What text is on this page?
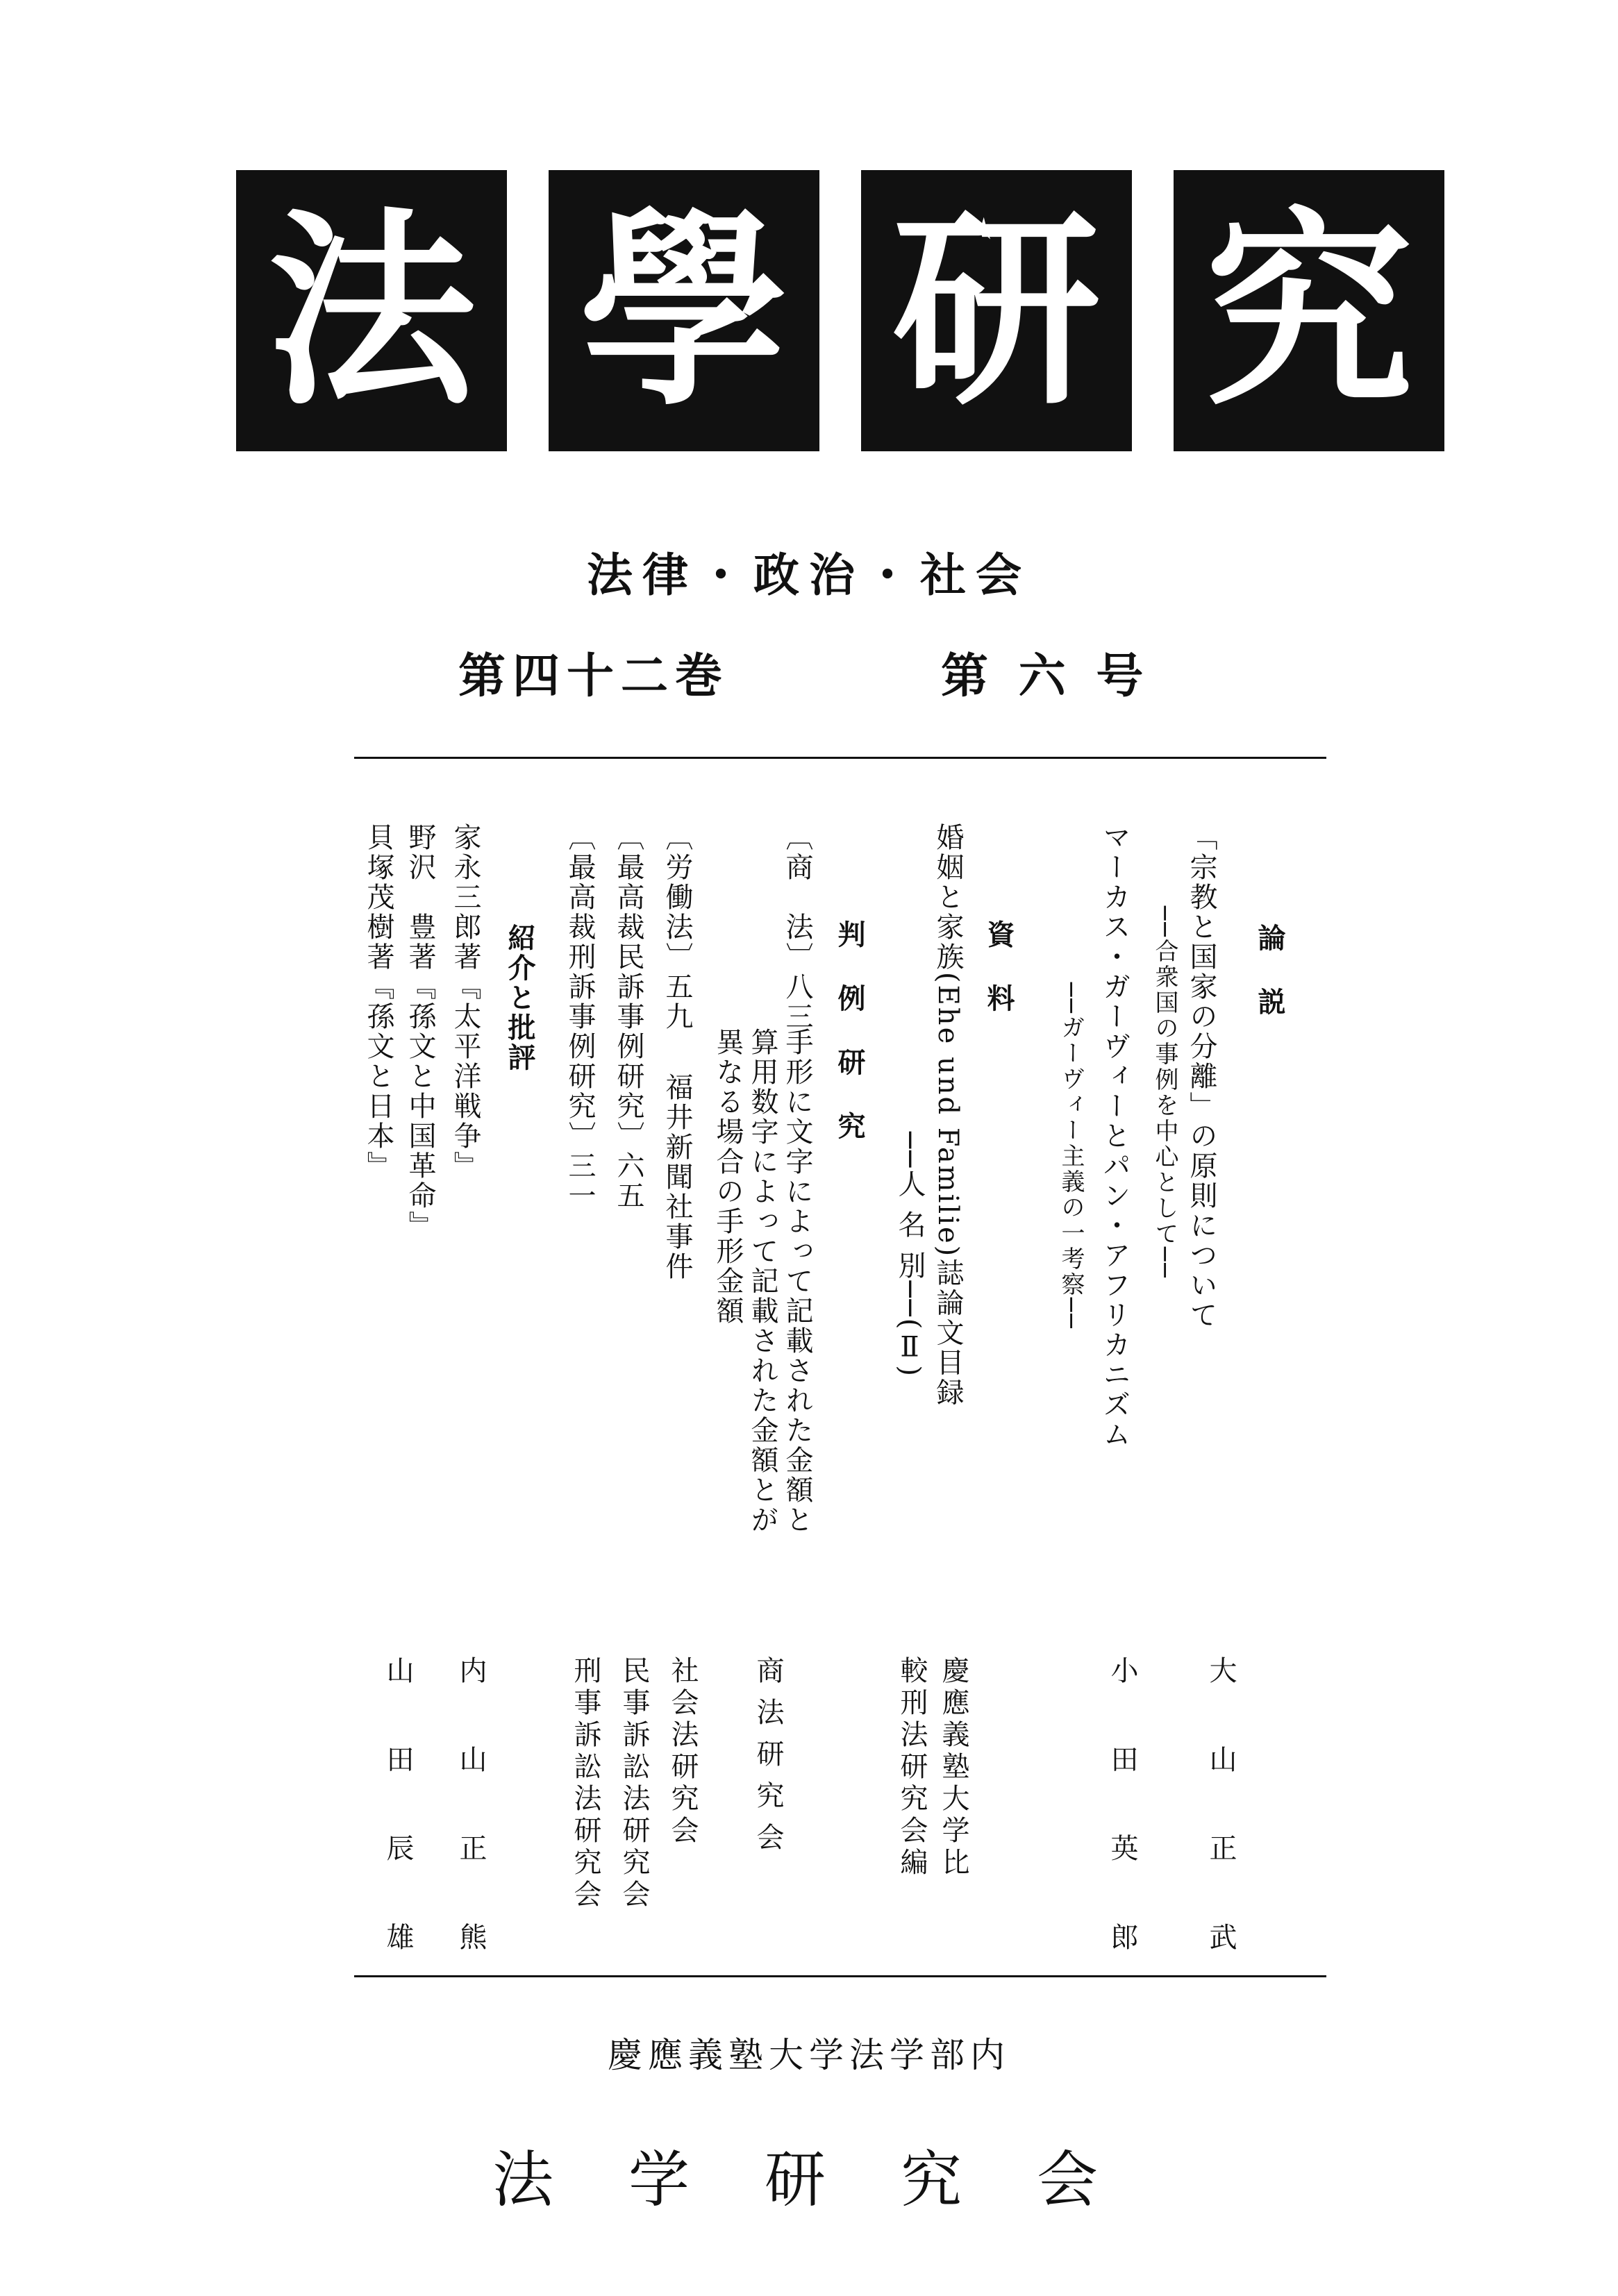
法 學 研 究
法律・政治・社会
第四十二巻	第 六 号
論 説
「宗教と国家の分離」の原則について
──合衆国の事例を中心として──
マーカス・ガーヴィーとパン・アフリカニズム
──ガーヴィー主義の一考察──
資 料
婚姻と家族(Ehe und Familie)誌論文目録
──人 名 別──(Ⅱ)
判 例 研 究
〔商　法〕八三
手形に文字によって記載された金額と
算用数字によって記載された金額とが
異なる場合の手形金額
〔労働法〕五九
福井新聞社事件
〔最高裁民訴事例研究〕六五
〔最高裁刑訴事例研究〕三一
紹介と批評
家永三郎著『太平洋戦争』
野沢　豊著『孫文と中国革命』
貝塚茂樹著『孫文と日本』
大山正武
小田英郎
慶應義塾大学比
較刑法研究会編
商法研究会
社会法研究会
民事訴訟法研究会
刑事訴訟法研究会
内山正熊
山田辰雄
慶應義塾大学法学部内
法 学 研 究 会
